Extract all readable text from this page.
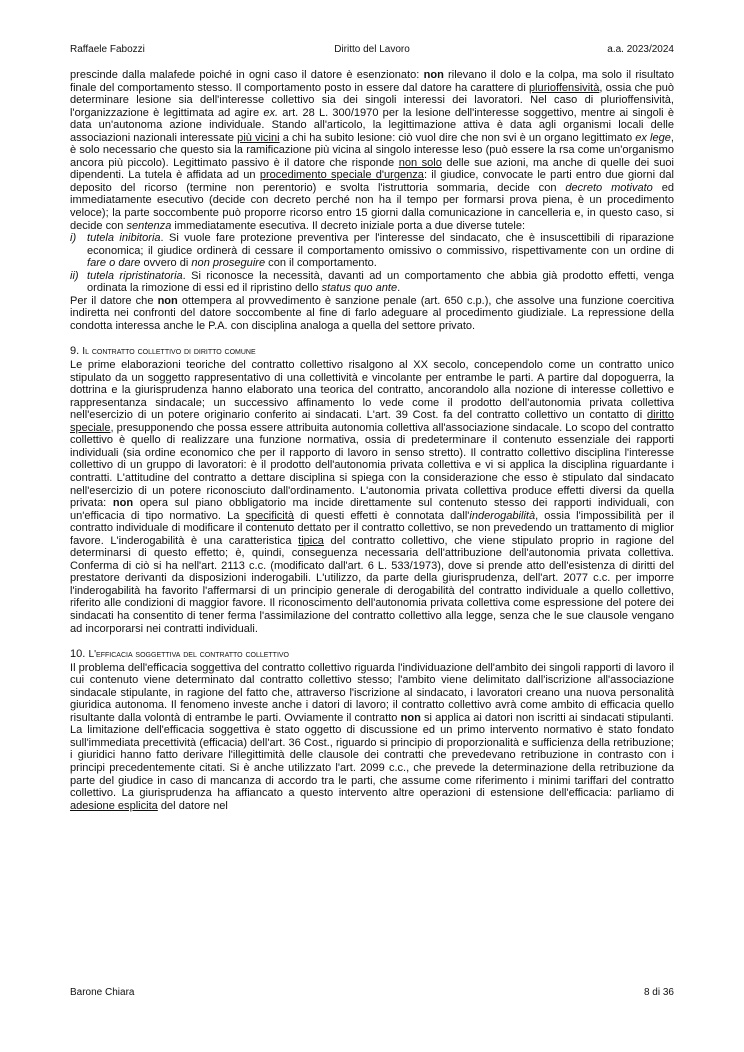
Raffaele Fabozzi	Diritto del Lavoro	a.a. 2023/2024

prescinde dalla malafede poiché in ogni caso il datore è esenzionato: non rilevano il dolo e la colpa, ma solo il risultato finale del comportamento stesso. Il comportamento posto in essere dal datore ha carattere di plurioffensività, ossia che può determinare lesione sia dell'interesse collettivo sia dei singoli interessi dei lavoratori. Nel caso di plurioffensività, l'organizzazione è legittimata ad agire ex. art. 28 L. 300/1970 per la lesione dell'interesse soggettivo, mentre ai singoli è data un'autonoma azione individuale. Stando all'articolo, la legittimazione attiva è data agli organismi locali delle associazioni nazionali interessate più vicini a chi ha subito lesione: ciò vuol dire che non svi è un organo legittimato ex lege, è solo necessario che questo sia la ramificazione più vicina al singolo interesse leso (può essere la rsa come un'organismo ancora più piccolo). Legittimato passivo è il datore che risponde non solo delle sue azioni, ma anche di quelle dei suoi dipendenti. La tutela è affidata ad un procedimento speciale d'urgenza: il giudice, convocate le parti entro due giorni dal deposito del ricorso (termine non perentorio) e svolta l'istruttoria sommaria, decide con decreto motivato ed immediatamente esecutivo (decide con decreto perché non ha il tempo per formarsi prova piena, è un procedimento veloce); la parte soccombente può proporre ricorso entro 15 giorni dalla comunicazione in cancelleria e, in questo caso, si decide con sentenza immediatamente esecutiva. Il decreto iniziale porta a due diverse tutele:

i) tutela inibitoria. Si vuole fare protezione preventiva per l'interesse del sindacato, che è insuscettibili di riparazione economica; il giudice ordinerà di cessare il comportamento omissivo o commissivo, rispettivamente con un ordine di fare o dare ovvero di non proseguire con il comportamento.
ii) tutela ripristinatoria. Si riconosce la necessità, davanti ad un comportamento che abbia già prodotto effetti, venga ordinata la rimozione di essi ed il ripristino dello status quo ante.

Per il datore che non ottempera al provvedimento è sanzione penale (art. 650 c.p.), che assolve una funzione coercitiva indiretta nei confronti del datore soccombente al fine di farlo adeguare al procedimento giudiziale. La repressione della condotta interessa anche le P.A. con disciplina analoga a quella del settore privato.

9. Il contratto collettivo di diritto comune

Le prime elaborazioni teoriche del contratto collettivo risalgono al XX secolo, concependolo come un contratto unico stipulato da un soggetto rappresentativo di una collettività e vincolante per entrambe le parti. A partire dal dopoguerra, la dottrina e la giurisprudenza hanno elaborato una teorica del contratto, ancorandolo alla nozione di interesse collettivo e rappresentanza sindacale; un successivo affinamento lo vede come il prodotto dell'autonomia privata collettiva nell'esercizio di un potere originario conferito ai sindacati. L'art. 39 Cost. fa del contratto collettivo un contatto di diritto speciale, presupponendo che possa essere attribuita autonomia collettiva all'associazione sindacale. Lo scopo del contratto collettivo è quello di realizzare una funzione normativa, ossia di predeterminare il contenuto essenziale dei rapporti individuali (sia ordine economico che per il rapporto di lavoro in senso stretto). Il contratto collettivo disciplina l'interesse collettivo di un gruppo di lavoratori: è il prodotto dell'autonomia privata collettiva e vi si applica la disciplina riguardante i contratti. L'attitudine del contratto a dettare disciplina si spiega con la considerazione che esso è stipulato dal sindacato nell'esercizio di un potere riconosciuto dall'ordinamento. L'autonomia privata collettiva produce effetti diversi da quella privata: non opera sul piano obbligatorio ma incide direttamente sul contenuto stesso dei rapporti individuali, con un'efficacia di tipo normativo. La specificità di questi effetti è connotata dall'inderogabilità, ossia l'impossibilità per il contratto individuale di modificare il contenuto dettato per il contratto collettivo, se non prevedendo un trattamento di miglior favore. L'inderogabilità è una caratteristica tipica del contratto collettivo, che viene stipulato proprio in ragione del determinarsi di questo effetto; è, quindi, conseguenza necessaria dell'attribuzione dell'autonomia privata collettiva. Conferma di ciò si ha nell'art. 2113 c.c. (modificato dall'art. 6 L. 533/1973), dove si prende atto dell'esistenza di diritti del prestatore derivanti da disposizioni inderogabili. L'utilizzo, da parte della giurisprudenza, dell'art. 2077 c.c. per imporre l'inderogabilità ha favorito l'affermarsi di un principio generale di derogabilità del contratto individuale a quello collettivo, riferito alle condizioni di maggior favore. Il riconoscimento dell'autonomia privata collettiva come espressione del potere dei sindacati ha consentito di tener ferma l'assimilazione del contratto collettivo alla legge, senza che le sue clausole vengano ad incorporarsi nei contratti individuali.

10. L'efficacia soggettiva del contratto collettivo

Il problema dell'efficacia soggettiva del contratto collettivo riguarda l'individuazione dell'ambito dei singoli rapporti di lavoro il cui contenuto viene determinato dal contratto collettivo stesso; l'ambito viene delimitato dall'iscrizione all'associazione sindacale stipulante, in ragione del fatto che, attraverso l'iscrizione al sindacato, i lavoratori creano una nuova personalità giuridica autonoma. Il fenomeno investe anche i datori di lavoro; il contratto collettivo avrà come ambito di efficacia quello risultante dalla volontà di entrambe le parti. Ovviamente il contratto non si applica ai datori non iscritti ai sindacati stipulanti. La limitazione dell'efficacia soggettiva è stato oggetto di discussione ed un primo intervento normativo è stato fondato sull'immediata precettività (efficacia) dell'art. 36 Cost., riguardo si principio di proporzionalità e sufficienza della retribuzione; i giuridici hanno fatto derivare l'illegittimità delle clausole dei contratti che prevedevano retribuzione in contrasto con i principi precedentemente citati. Si è anche utilizzato l'art. 2099 c.c., che prevede la determinazione della retribuzione da parte del giudice in caso di mancanza di accordo tra le parti, che assume come riferimento i minimi tariffari del contratto collettivo. La giurisprudenza ha affiancato a questo intervento altre operazioni di estensione dell'efficacia: parliamo di adesione esplicita del datore nel

Barone Chiara	8 di 36
